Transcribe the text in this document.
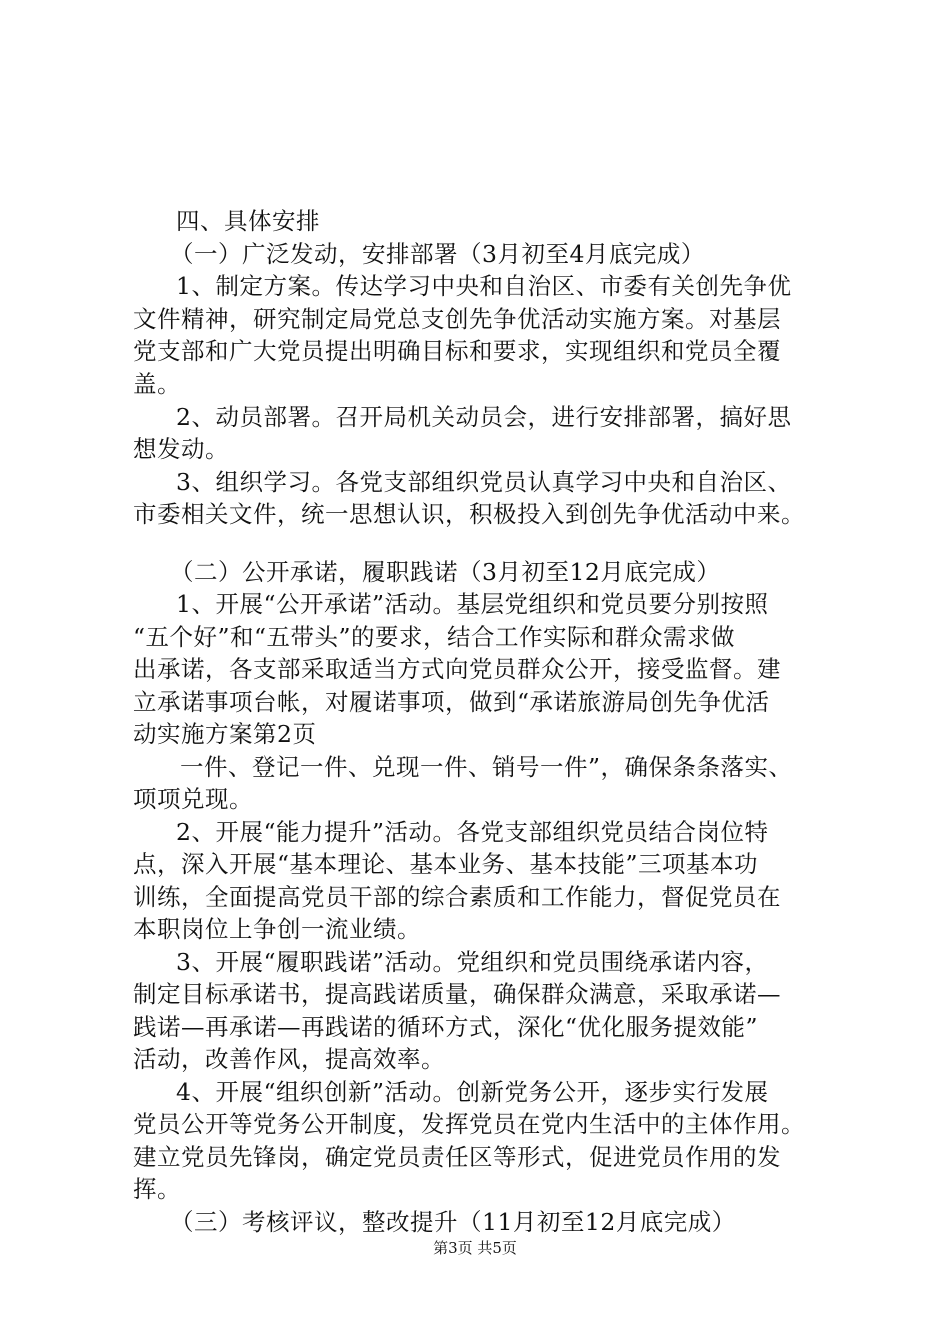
四、具体安排
（一）广泛发动，安排部署（3月初至4月底完成）
1、制定方案。传达学习中央和自治区、市委有关创先争优
文件精神，研究制定局党总支创先争优活动实施方案。对基层
党支部和广大党员提出明确目标和要求，实现组织和党员全覆
盖。
2、动员部署。召开局机关动员会，进行安排部署，搞好思
想发动。
3、组织学习。各党支部组织党员认真学习中央和自治区、
市委相关文件，统一思想认识，积极投入到创先争优活动中来。
（二）公开承诺，履职践诺（3月初至12月底完成）
1、开展“公开承诺”活动。基层党组织和党员要分别按照
“五个好”和“五带头”的要求，结合工作实际和群众需求做
出承诺，各支部采取适当方式向党员群众公开，接受监督。建
立承诺事项台帐，对履诺事项，做到“承诺旅游局创先争优活
动实施方案第2页
一件、登记一件、兑现一件、销号一件”，确保条条落实、
项项兑现。
2、开展“能力提升”活动。各党支部组织党员结合岗位特
点，深入开展“基本理论、基本业务、基本技能”三项基本功
训练，全面提高党员干部的综合素质和工作能力，督促党员在
本职岗位上争创一流业绩。
3、开展“履职践诺”活动。党组织和党员围绕承诺内容，
制定目标承诺书，提高践诺质量，确保群众满意，采取承诺—
践诺—再承诺—再践诺的循环方式，深化“优化服务提效能”
活动，改善作风，提高效率。
4、开展“组织创新”活动。创新党务公开，逐步实行发展
党员公开等党务公开制度，发挥党员在党内生活中的主体作用。
建立党员先锋岗，确定党员责任区等形式，促进党员作用的发
挥。
（三）考核评议，整改提升（11月初至12月底完成）
第3页 共5页
